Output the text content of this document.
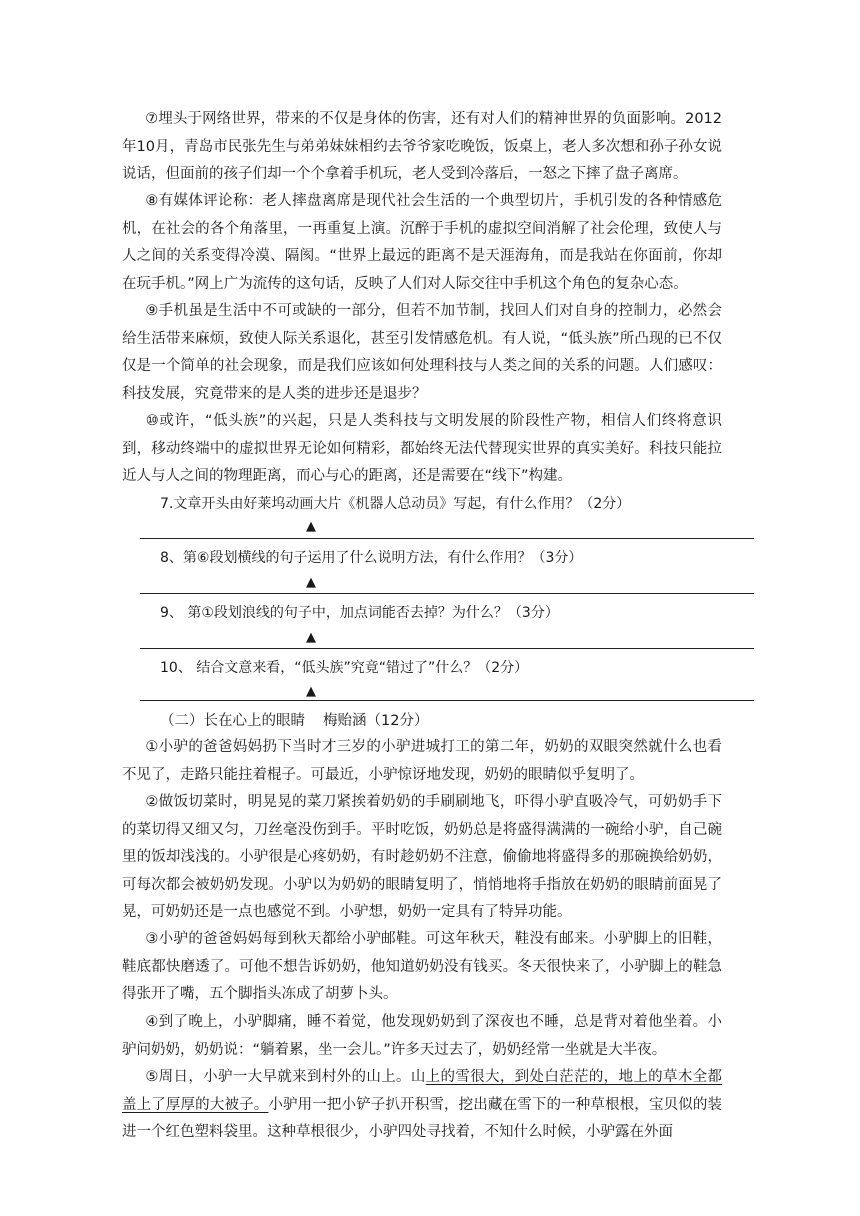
⑦埋头于网络世界，带来的不仅是身体的伤害，还有对人们的精神世界的负面影响。2012年10月，青岛市民张先生与弟弟妹妹相约去爷爷家吃晚饭，饭桌上，老人多次想和孙子孙女说说话，但面前的孩子们却一个个拿着手机玩，老人受到冷落后，一怒之下摔了盘子离席。

⑧有媒体评论称：老人摔盘离席是现代社会生活的一个典型切片，手机引发的各种情感危机，在社会的各个角落里，一再重复上演。沉醉于手机的虚拟空间消解了社会伦理，致使人与人之间的关系变得冷漠、隔阂。“世界上最远的距离不是天涯海角，而是我站在你面前，你却在玩手机。”网上广为流传的这句话，反映了人们对人际交往中手机这个角色的复杂心态。

⑨手机虽是生活中不可或缺的一部分，但若不加节制，找回人们对自身的控制力，必然会给生活带来麻烦，致使人际关系退化，甚至引发情感危机。有人说，“低头族”所凸现的已不仅仅是一个简单的社会现象，而是我们应该如何处理科技与人类之间的关系的问题。人们感叹：科技发展，究竟带来的是人类的进步还是退步？

⑩或许，“低头族”的兴起，只是人类科技与文明发展的阶段性产物，相信人们终将意识到，移动终端中的虚拟世界无论如何精彩，都始终无法代替现实世界的真实美好。科技只能拉近人与人之间的物理距离，而心与心的距离，还是需要在“线下”构建。

7.文章开头由好莱坞动画大片《机器人总动员》写起，有什么作用？（2分）
▲
8、第⑥段划横线的句子运用了什么说明方法，有什么作用？（3分）
▲
9、 第①段划浪线的句子中，加点词能否去掉？为什么？（3分）
▲
10、 结合文意来看，“低头族”究竟“错过了”什么？（2分）
▲
（二）长在心上的眼睛 梅贻涵（12分）

①小驴的爸爸妈妈扔下当时才三岁的小驴进城打工的第二年，奶奶的双眼突然就什么也看不见了，走路只能拄着棍子。可最近，小驴惊讶地发现，奶奶的眼睛似乎复明了。

②做饭切菜时，明晃晃的菜刀紧挨着奶奶的手刷刷地飞，吓得小驴直吸冷气，可奶奶手下的菜切得又细又匀，刀丝毫没伤到手。平时吃饭，奶奶总是将盛得满满的一碗给小驴，自己碗里的饭却浅浅的。小驴很是心疼奶奶，有时趁奶奶不注意，偷偷地将盛得多的那碗换给奶奶，可每次都会被奶奶发现。小驴以为奶奶的眼睛复明了，悄悄地将手指放在奶奶的眼睛前面晃了晃，可奶奶还是一点也感觉不到。小驴想，奶奶一定具有了特异功能。

③小驴的爸爸妈妈每到秋天都给小驴邮鞋。可这年秋天，鞋没有邮来。小驴脚上的旧鞋，鞋底都快磨透了。可他不想告诉奶奶，他知道奶奶没有钱买。冬天很快来了，小驴脚上的鞋急得张开了嘴，五个脚指头冻成了胡萝卜头。

④到了晚上，小驴脚痛，睡不着觉，他发现奶奶到了深夜也不睡，总是背对着他坐着。小驴问奶奶，奶奶说：“躺着累，坐一会儿。”许多天过去了，奶奶经常一坐就是大半夜。

⑤周日，小驴一大早就来到村外的山上。山上的雪很大，到处白茫茫的，地上的草木全都盖上了厚厚的大被子。小驴用一把小铲子扒开积雪，挖出藏在雪下的一种草根根，宝贝似的装进一个红色塑料袋里。这种草根很少，小驴四处寻找着，不知什么时候，小驴露在外面
